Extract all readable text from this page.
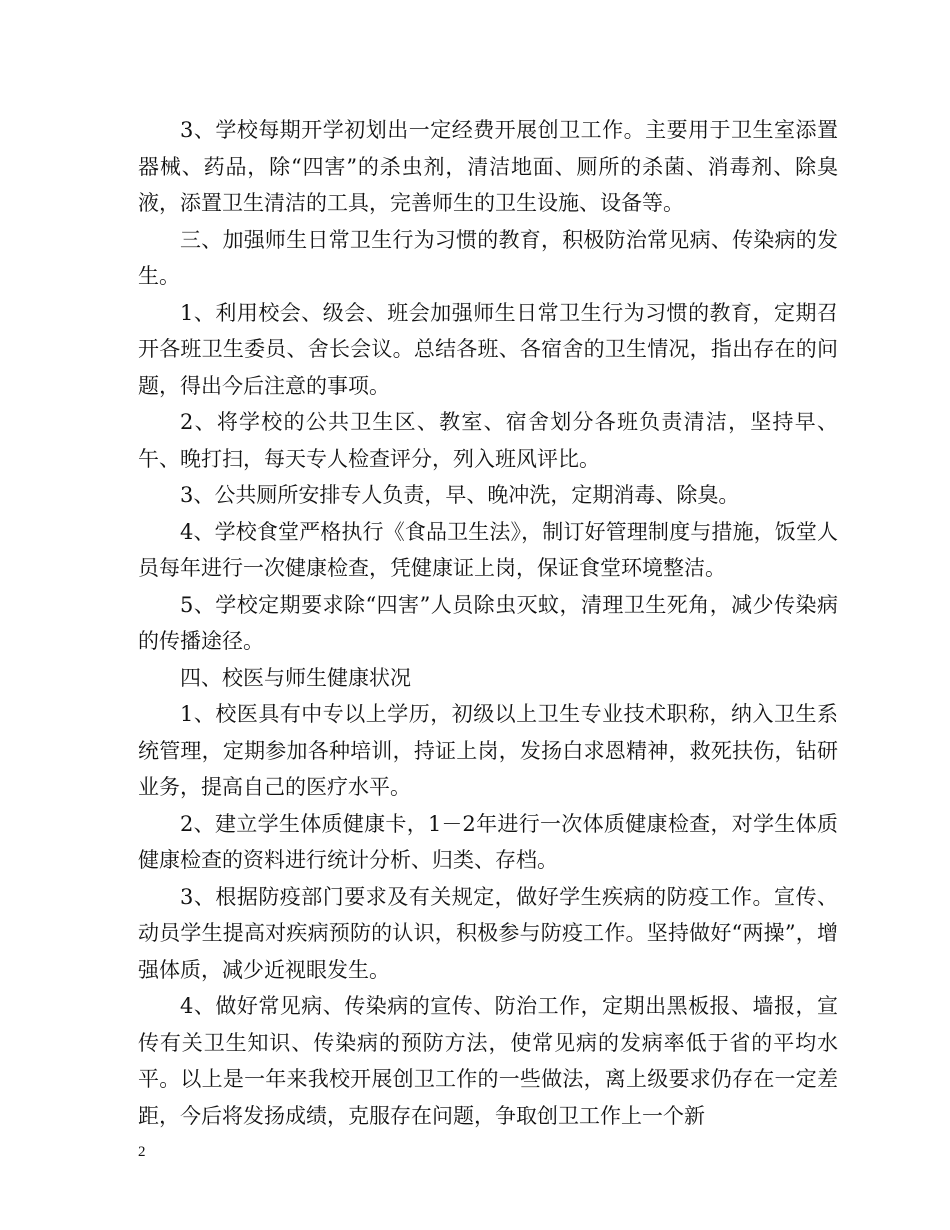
3、学校每期开学初划出一定经费开展创卫工作。主要用于卫生室添置器械、药品，除“四害”的杀虫剂，清洁地面、厕所的杀菌、消毒剂、除臭液，添置卫生清洁的工具，完善师生的卫生设施、设备等。

三、加强师生日常卫生行为习惯的教育，积极防治常见病、传染病的发生。

1、利用校会、级会、班会加强师生日常卫生行为习惯的教育，定期召开各班卫生委员、舍长会议。总结各班、各宿舍的卫生情况，指出存在的问题，得出今后注意的事项。

2、将学校的公共卫生区、教室、宿舍划分各班负责清洁，坚持早、午、晚打扫，每天专人检查评分，列入班风评比。

3、公共厕所安排专人负责，早、晚冲洗，定期消毒、除臭。

4、学校食堂严格执行《食品卫生法》，制订好管理制度与措施，饭堂人员每年进行一次健康检查，凭健康证上岗，保证食堂环境整洁。

5、学校定期要求除“四害”人员除虫灭蚊，清理卫生死角，减少传染病的传播途径。

四、校医与师生健康状况

1、校医具有中专以上学历，初级以上卫生专业技术职称，纳入卫生系统管理，定期参加各种培训，持证上岗，发扬白求恩精神，救死扶伤，钻研业务，提高自己的医疗水平。

2、建立学生体质健康卡，1－2年进行一次体质健康检查，对学生体质健康检查的资料进行统计分析、归类、存档。

3、根据防疫部门要求及有关规定，做好学生疾病的防疫工作。宣传、动员学生提高对疾病预防的认识，积极参与防疫工作。坚持做好“两操”，增强体质，减少近视眼发生。

4、做好常见病、传染病的宣传、防治工作，定期出黑板报、墙报，宣传有关卫生知识、传染病的预防方法，使常见病的发病率低于省的平均水平。以上是一年来我校开展创卫工作的一些做法，离上级要求仍存在一定差距，今后将发扬成绩，克服存在问题，争取创卫工作上一个新

2
